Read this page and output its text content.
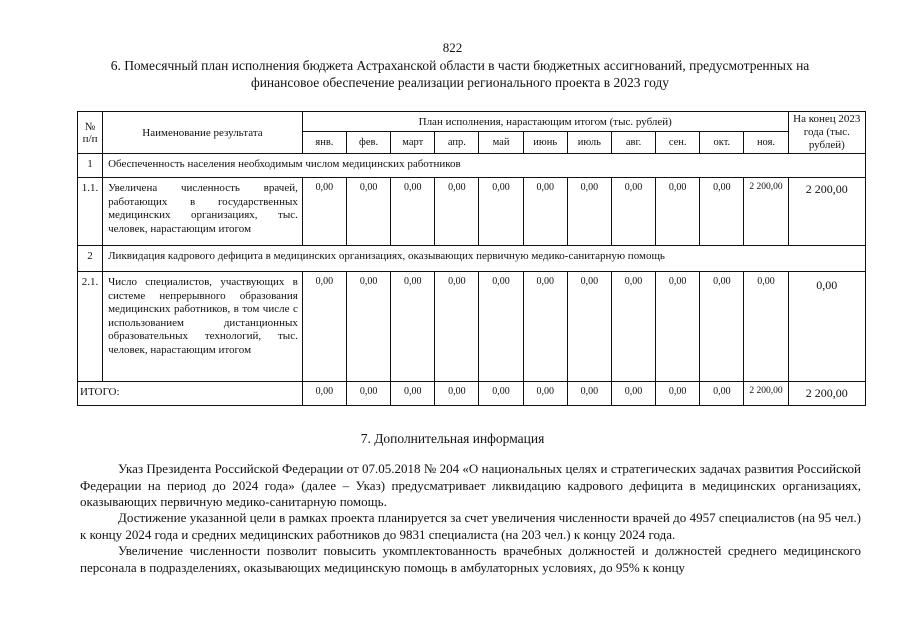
822
6. Помесячный план исполнения бюджета Астраханской области в части бюджетных ассигнований, предусмотренных на
финансовое обеспечение реализации регионального проекта в 2023 году
№ п/п	Наименование результата	План исполнения, нарастающим итогом (тыс. рублей)											На конец 2023 года (тыс. рублей)
		янв.	фев.	март	апр.	май	июнь	июль	авг.	сен.	окт.	ноя.	
1	Обеспеченность населения необходимым числом медицинских работников												
1.1.	Увеличена численность врачей, работающих в государственных медицинских организациях, тыс. человек, нарастающим итогом	0,00	0,00	0,00	0,00	0,00	0,00	0,00	0,00	0,00	0,00	2 200,00	2 200,00
2	Ликвидация кадрового дефицита в медицинских организациях, оказывающих первичную медико-санитарную помощь												
2.1.	Число специалистов, участвующих в системе непрерывного образования медицинских работников, в том числе с использованием дистанционных образовательных технологий, тыс. человек, нарастающим итогом	0,00	0,00	0,00	0,00	0,00	0,00	0,00	0,00	0,00	0,00	0,00	0,00
ИТОГО:		0,00	0,00	0,00	0,00	0,00	0,00	0,00	0,00	0,00	0,00	2 200,00	2 200,00
7. Дополнительная информация

Указ Президента Российской Федерации от 07.05.2018 № 204 «О национальных целях и стратегических задачах развития Российской Федерации на период до 2024 года» (далее – Указ) предусматривает ликвидацию кадрового дефицита в медицинских организациях, оказывающих первичную медико-санитарную помощь.

Достижение указанной цели в рамках проекта планируется за счет увеличения численности врачей до 4957 специалистов (на 95 чел.) к концу 2024 года и средних медицинских работников до 9831 специалиста (на 203 чел.) к концу 2024 года.

Увеличение численности позволит повысить укомплектованность врачебных должностей и должностей среднего медицинского персонала в подразделениях, оказывающих медицинскую помощь в амбулаторных условиях, до 95% к концу
